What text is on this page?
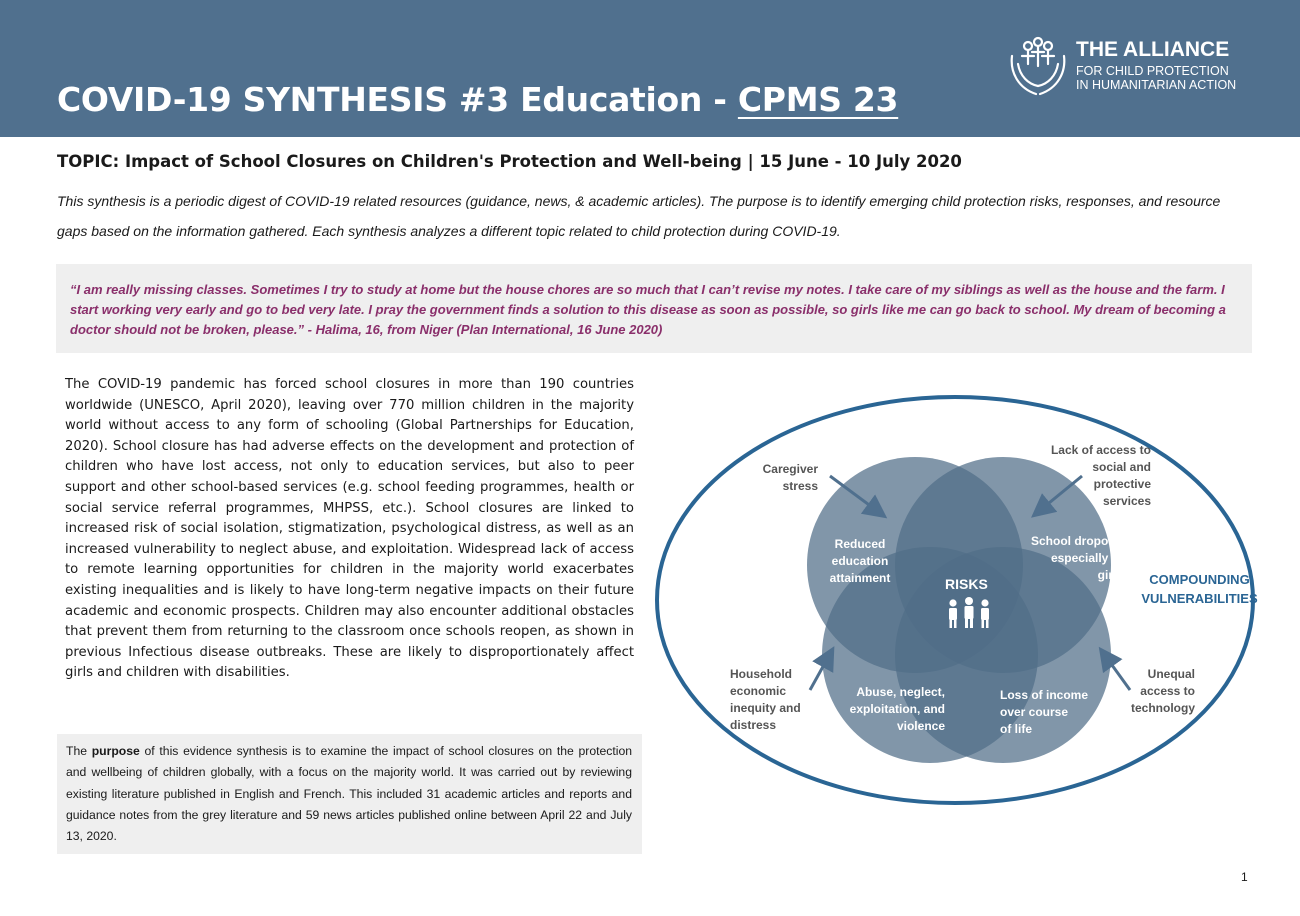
COVID-19 SYNTHESIS #3 Education - CPMS 23
THE ALLIANCE
FOR CHILD PROTECTION
IN HUMANITARIAN ACTION
TOPIC: Impact of School Closures on Children's Protection and Well-being | 15 June - 10 July 2020

This synthesis is a periodic digest of COVID-19 related resources (guidance, news, & academic articles). The purpose is to identify emerging child protection risks, responses, and resource gaps based on the information gathered. Each synthesis analyzes a different topic related to child protection during COVID-19.

“I am really missing classes. Sometimes I try to study at home but the house chores are so much that I can’t revise my notes. I take care of my siblings as well as the house and the farm. I start working very early and go to bed very late. I pray the government finds a solution to this disease as soon as possible, so girls like me can go back to school. My dream of becoming a doctor should not be broken, please.” - Halima, 16, from Niger (Plan International, 16 June 2020)

The COVID-19 pandemic has forced school closures in more than 190 countries worldwide (UNESCO, April 2020), leaving over 770 million children in the majority world without access to any form of schooling (Global Partnerships for Education, 2020). School closure has had adverse effects on the development and protection of children who have lost access, not only to education services, but also to peer support and other school-based services (e.g. school feeding programmes, health or social service referral programmes, MHPSS, etc.). School closures are linked to increased risk of social isolation, stigmatization, psychological distress, as well as an increased vulnerability to neglect abuse, and exploitation. Widespread lack of access to remote learning opportunities for children in the majority world exacerbates existing inequalities and is likely to have long-term negative impacts on their future academic and economic prospects. Children may also encounter additional obstacles that prevent them from returning to the classroom once schools reopen, as shown in previous Infectious disease outbreaks. These are likely to disproportionately affect girls and children with disabilities.

The purpose of this evidence synthesis is to examine the impact of school closures on the protection and wellbeing of children globally, with a focus on the majority world. It was carried out by reviewing existing literature published in English and French. This included 31 academic articles and reports and guidance notes from the grey literature and 59 news articles published online between April 22 and July 13, 2020.

RISKS
Reduced
education
attainment
School dropout,
especially of
girls
Abuse, neglect,
exploitation, and
violence
Loss of income
over course
of life
Caregiver
stress
Lack of access to
social and
protective
services
Household
economic
inequity and
distress
Unequal
access to
technology
COMPOUNDING
VULNERABILITIES
1
